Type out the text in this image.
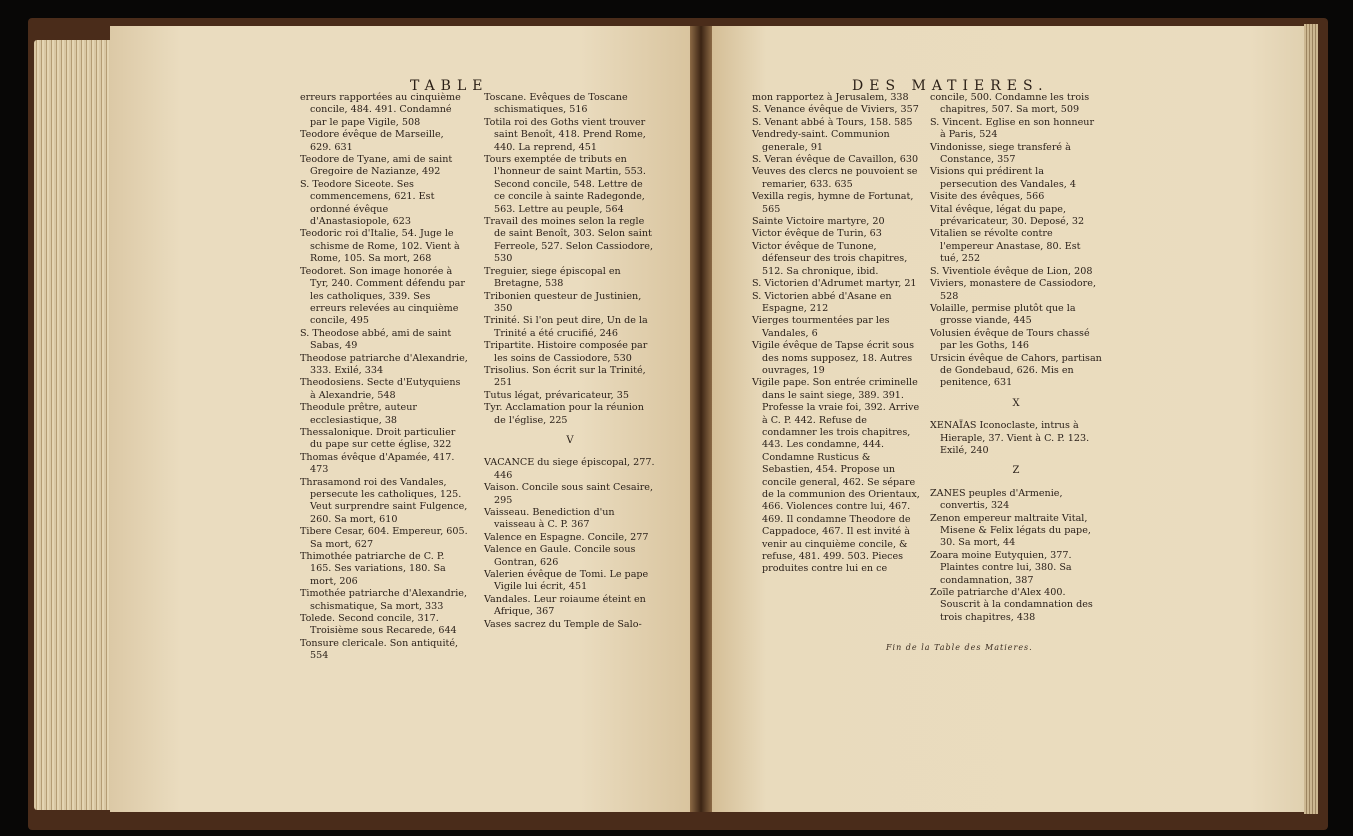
TABLE	DES MATIERES.

erreurs rapportées au cinquième concile, 484. 491. Condamné par le pape Vigile, 508

Teodore évêque de Marseille, 629. 631

Teodore de Tyane, ami de saint Gregoire de Nazianze, 492

S. Teodore Siceote. Ses commencemens, 621. Est ordonné évêque d'Anastasiopole, 623

Teodoric roi d'Italie, 54. Juge le schisme de Rome, 102. Vient à Rome, 105. Sa mort, 268

Teodoret. Son image honorée à Tyr, 240. Comment défendu par les catholiques, 339. Ses erreurs relevées au cinquième concile, 495

S. Theodose abbé, ami de saint Sabas, 49

Theodose patriarche d'Alexandrie, 333. Exilé, 334

Theodosiens. Secte d'Eutyquiens à Alexandrie, 548

Theodule prêtre, auteur ecclesiastique, 38

Thessalonique. Droit particulier du pape sur cette église, 322

Thomas évêque d'Apamée, 417. 473

Thrasamond roi des Vandales, persecute les catholiques, 125. Veut surprendre saint Fulgence, 260. Sa mort, 610

Tibere Cesar, 604. Empereur, 605. Sa mort, 627

Thimothée patriarche de C. P. 165. Ses variations, 180. Sa mort, 206

Timothée patriarche d'Alexandrie, schismatique, Sa mort, 333

Tolede. Second concile, 317. Troisième sous Recarede, 644

Tonsure clericale. Son antiquité, 554

Toscane. Evêques de Toscane schismatiques, 516

Totila roi des Goths vient trouver saint Benoît, 418. Prend Rome, 440. La reprend, 451

Tours exemptée de tributs en l'honneur de saint Martin, 553. Second concile, 548. Lettre de ce concile à sainte Radegonde, 563. Lettre au peuple, 564

Travail des moines selon la regle de saint Benoît, 303. Selon saint Ferreole, 527. Selon Cassiodore, 530

Treguier, siege épiscopal en Bretagne, 538

Tribonien questeur de Justinien, 350

Trinité. Si l'on peut dire, Un de la Trinité a été crucifié, 246

Tripartite. Histoire composée par les soins de Cassiodore, 530

Trisolius. Son écrit sur la Trinité, 251

Tutus légat, prévaricateur, 35

Tyr. Acclamation pour la réunion de l'église, 225

V

VACANCE du siege épiscopal, 277. 446

Vaison. Concile sous saint Cesaire, 295

Vaisseau. Benediction d'un vaisseau à C. P. 367

Valence en Espagne. Concile, 277

Valence en Gaule. Concile sous Gontran, 626

Valerien évêque de Tomi. Le pape Vigile lui écrit, 451

Vandales. Leur roiaume éteint en Afrique, 367

Vases sacrez du Temple de Salo-

mon rapportez à Jerusalem, 338

S. Venance évêque de Viviers, 357

S. Venant abbé à Tours, 158. 585

Vendredy-saint. Communion generale, 91

S. Veran évêque de Cavaillon, 630

Veuves des clercs ne pouvoient se remarier, 633. 635

Vexilla regis, hymne de Fortunat, 565

Sainte Victoire martyre, 20

Victor évêque de Turin, 63

Victor évêque de Tunone, défenseur des trois chapitres, 512. Sa chronique, ibid.

S. Victorien d'Adrumet martyr, 21

S. Victorien abbé d'Asane en Espagne, 212

Vierges tourmentées par les Vandales, 6

Vigile évêque de Tapse écrit sous des noms supposez, 18. Autres ouvrages, 19

Vigile pape. Son entrée criminelle dans le saint siege, 389. 391. Professe la vraie foi, 392. Arrive à C. P. 442. Refuse de condamner les trois chapitres, 443. Les condamne, 444. Condamne Rusticus & Sebastien, 454. Propose un concile general, 462. Se sépare de la communion des Orientaux, 466. Violences contre lui, 467. 469. Il condamne Theodore de Cappadoce, 467. Il est invité à venir au cinquième concile, & refuse, 481. 499. 503. Pieces produites contre lui en ce

concile, 500. Condamne les trois chapitres, 507. Sa mort, 509

S. Vincent. Eglise en son honneur à Paris, 524

Vindonisse, siege transferé à Constance, 357

Visions qui prédirent la persecution des Vandales, 4

Visite des évêques, 566

Vital évêque, légat du pape, prévaricateur, 30. Deposé, 32

Vitalien se révolte contre l'empereur Anastase, 80. Est tué, 252

S. Viventiole évêque de Lion, 208

Viviers, monastere de Cassiodore, 528

Volaille, permise plutôt que la grosse viande, 445

Volusien évêque de Tours chassé par les Goths, 146

Ursicin évêque de Cahors, partisan de Gondebaud, 626. Mis en penitence, 631

X

XENAÏAS Iconoclaste, intrus à Hieraple, 37. Vient à C. P. 123. Exilé, 240

Z

ZANES peuples d'Armenie, convertis, 324

Zenon empereur maltraite Vital, Misene & Felix légats du pape, 30. Sa mort, 44

Zoara moine Eutyquien, 377. Plaintes contre lui, 380. Sa condamnation, 387

Zoïle patriarche d'Alex 400. Souscrit à la condamnation des trois chapitres, 438

Fin de la Table des Matieres.
